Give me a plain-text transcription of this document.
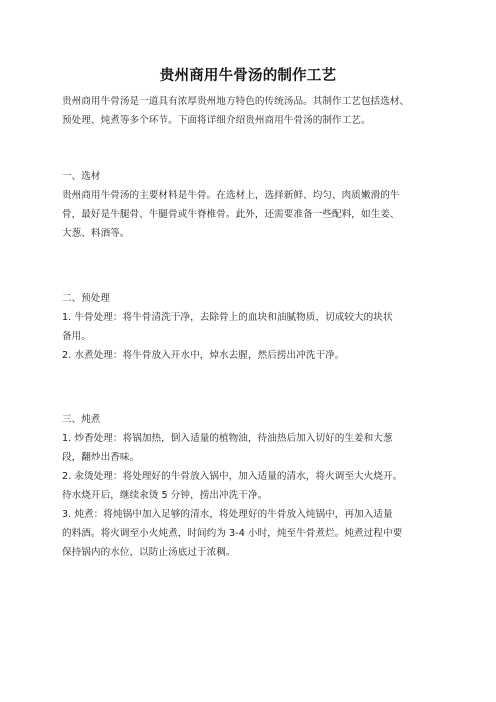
贵州商用牛骨汤的制作工艺
贵州商用牛骨汤是一道具有浓厚贵州地方特色的传统汤品。其制作工艺包括选材、
预处理、炖煮等多个环节。下面将详细介绍贵州商用牛骨汤的制作工艺。
一、选材
贵州商用牛骨汤的主要材料是牛骨。在选材上，选择新鲜、均匀、肉质嫩滑的牛
骨，最好是牛腿骨、牛腿骨或牛脊椎骨。此外，还需要准备一些配料，如生姜、
大葱、料酒等。
二、预处理
1. 牛骨处理：将牛骨清洗干净，去除骨上的血块和油腻物质，切成较大的块状
备用。
2. 水煮处理：将牛骨放入开水中，焯水去腥，然后捞出冲洗干净。
三、炖煮
1. 炒香处理：将锅加热，倒入适量的植物油，待油热后加入切好的生姜和大葱
段，翻炒出香味。
2. 汆烫处理：将处理好的牛骨放入锅中，加入适量的清水，将火调至大火烧开。
待水烧开后，继续汆烫 5 分钟，捞出冲洗干净。
3. 炖煮：将炖锅中加入足够的清水，将处理好的牛骨放入炖锅中，再加入适量
的料酒。将火调至小火炖煮，时间约为 3-4 小时，炖至牛骨煮烂。炖煮过程中要
保持锅内的水位，以防止汤底过于浓稠。
